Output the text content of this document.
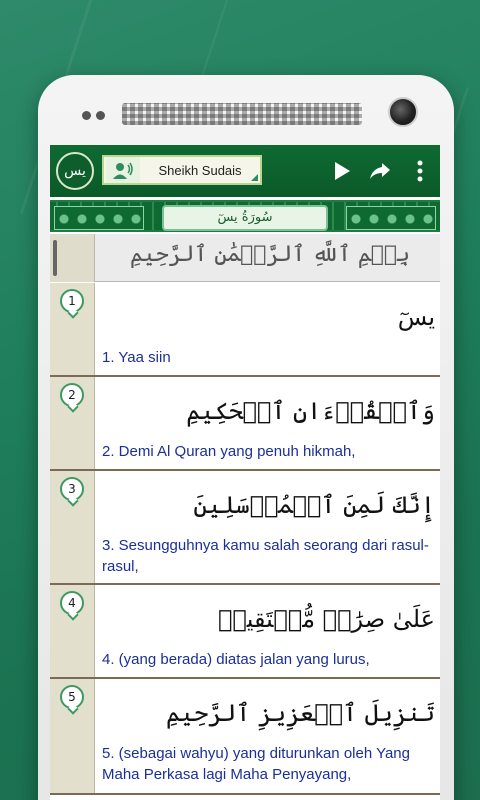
يس	Sheikh Sudais
سُورَةُ يسٓ
بِسۡمِ ٱللَّهِ ٱلرَّحۡمَٰنِ ٱلرَّحِيمِ
1
يسٓ
1. Yaa siin
2
وَٱلۡقُرۡءَانِ ٱلۡحَكِيمِ
2. Demi Al Quran yang penuh hikmah,
3
إِنَّكَ لَمِنَ ٱلۡمُرۡسَلِينَ
3. Sesungguhnya kamu salah seorang dari rasul-rasul,
4
عَلَىٰ صِرَٰطٖ مُّسۡتَقِيمٖ
4. (yang berada) diatas jalan yang lurus,
5
تَنزِيلَ ٱلۡعَزِيزِ ٱلرَّحِيمِ
5. (sebagai wahyu) yang diturunkan oleh Yang Maha Perkasa lagi Maha Penyayang,
